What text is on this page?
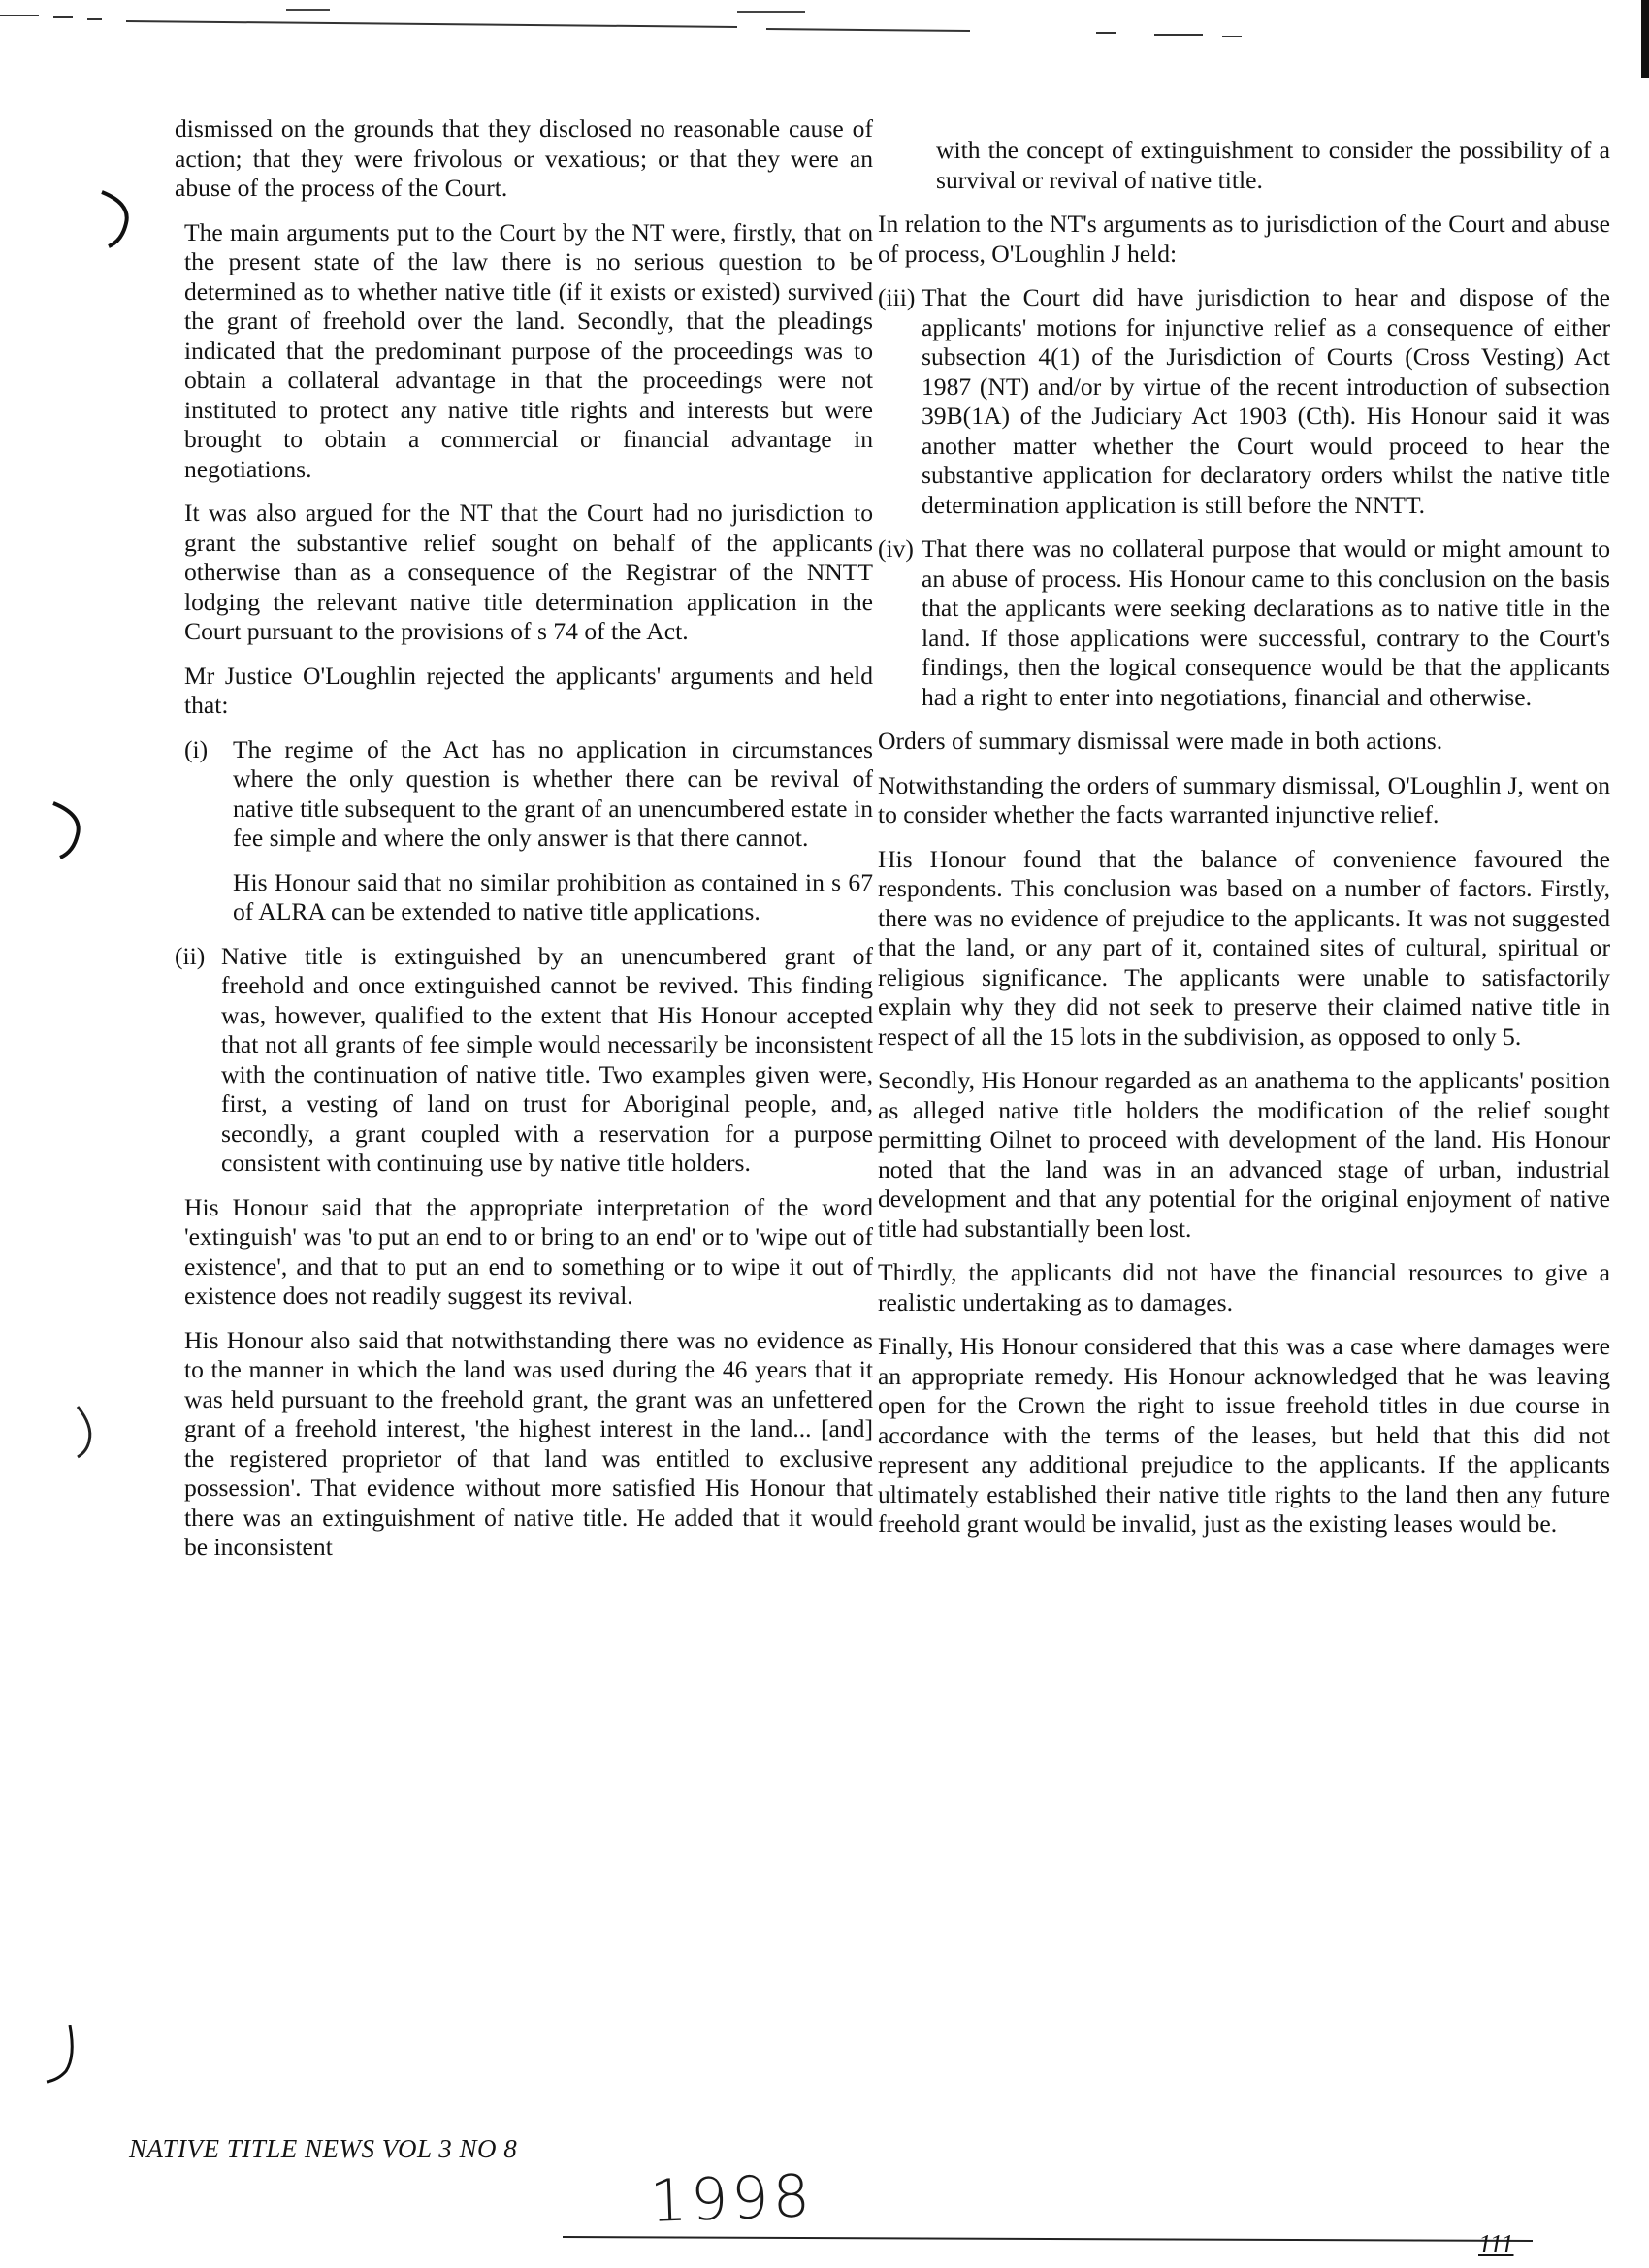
dismissed on the grounds that they disclosed no reasonable cause of action; that they were frivolous or vexatious; or that they were an abuse of the process of the Court.

The main arguments put to the Court by the NT were, firstly, that on the present state of the law there is no serious question to be determined as to whether native title (if it exists or existed) survived the grant of freehold over the land. Secondly, that the pleadings indicated that the predominant purpose of the proceedings was to obtain a collateral advantage in that the proceedings were not instituted to protect any native title rights and interests but were brought to obtain a commercial or financial advantage in negotiations.

It was also argued for the NT that the Court had no jurisdiction to grant the substantive relief sought on behalf of the applicants otherwise than as a consequence of the Registrar of the NNTT lodging the relevant native title determination application in the Court pursuant to the provisions of s 74 of the Act.

Mr Justice O'Loughlin rejected the applicants' arguments and held that:

(i)	The regime of the Act has no application in circumstances where the only question is whether there can be revival of native title subsequent to the grant of an unencumbered estate in fee simple and where the only answer is that there cannot.

His Honour said that no similar prohibition as contained in s 67 of ALRA can be extended to native title applications.

(ii) Native title is extinguished by an unencumbered grant of freehold and once extinguished cannot be revived. This finding was, however, qualified to the extent that His Honour accepted that not all grants of fee simple would necessarily be inconsistent with the continuation of native title. Two examples given were, first, a vesting of land on trust for Aboriginal people, and, secondly, a grant coupled with a reservation for a purpose consistent with continuing use by native title holders.

His Honour said that the appropriate interpretation of the word 'extinguish' was 'to put an end to or bring to an end' or to 'wipe out of existence', and that to put an end to something or to wipe it out of existence does not readily suggest its revival.

His Honour also said that notwithstanding there was no evidence as to the manner in which the land was used during the 46 years that it was held pursuant to the freehold grant, the grant was an unfettered grant of a freehold interest, 'the highest interest in the land... [and] the registered proprietor of that land was entitled to exclusive possession'. That evidence without more satisfied His Honour that there was an extinguishment of native title. He added that it would be inconsistent

with the concept of extinguishment to consider the possibility of a survival or revival of native title.

In relation to the NT's arguments as to jurisdiction of the Court and abuse of process, O'Loughlin J held:

(iii) That the Court did have jurisdiction to hear and dispose of the applicants' motions for injunctive relief as a consequence of either subsection 4(1) of the Jurisdiction of Courts (Cross Vesting) Act 1987 (NT) and/or by virtue of the recent introduction of subsection 39B(1A) of the Judiciary Act 1903 (Cth). His Honour said it was another matter whether the Court would proceed to hear the substantive application for declaratory orders whilst the native title determination application is still before the NNTT.
(iv) That there was no collateral purpose that would or might amount to an abuse of process. His Honour came to this conclusion on the basis that the applicants were seeking declarations as to native title in the land. If those applications were successful, contrary to the Court's findings, then the logical consequence would be that the applicants had a right to enter into negotiations, financial and otherwise.

Orders of summary dismissal were made in both actions.

Notwithstanding the orders of summary dismissal, O'Loughlin J, went on to consider whether the facts warranted injunctive relief.

His Honour found that the balance of convenience favoured the respondents. This conclusion was based on a number of factors. Firstly, there was no evidence of prejudice to the applicants. It was not suggested that the land, or any part of it, contained sites of cultural, spiritual or religious significance. The applicants were unable to satisfactorily explain why they did not seek to preserve their claimed native title in respect of all the 15 lots in the subdivision, as opposed to only 5.

Secondly, His Honour regarded as an anathema to the applicants' position as alleged native title holders the modification of the relief sought permitting Oilnet to proceed with development of the land. His Honour noted that the land was in an advanced stage of urban, industrial development and that any potential for the original enjoyment of native title had substantially been lost.

Thirdly, the applicants did not have the financial resources to give a realistic undertaking as to damages.

Finally, His Honour considered that this was a case where damages were an appropriate remedy. His Honour acknowledged that he was leaving open for the Crown the right to issue freehold titles in due course in accordance with the terms of the leases, but held that this did not represent any additional prejudice to the applicants. If the applicants ultimately established their native title rights to the land then any future freehold grant would be invalid, just as the existing leases would be.

NATIVE TITLE NEWS VOL 3 NO 8
1998
111
